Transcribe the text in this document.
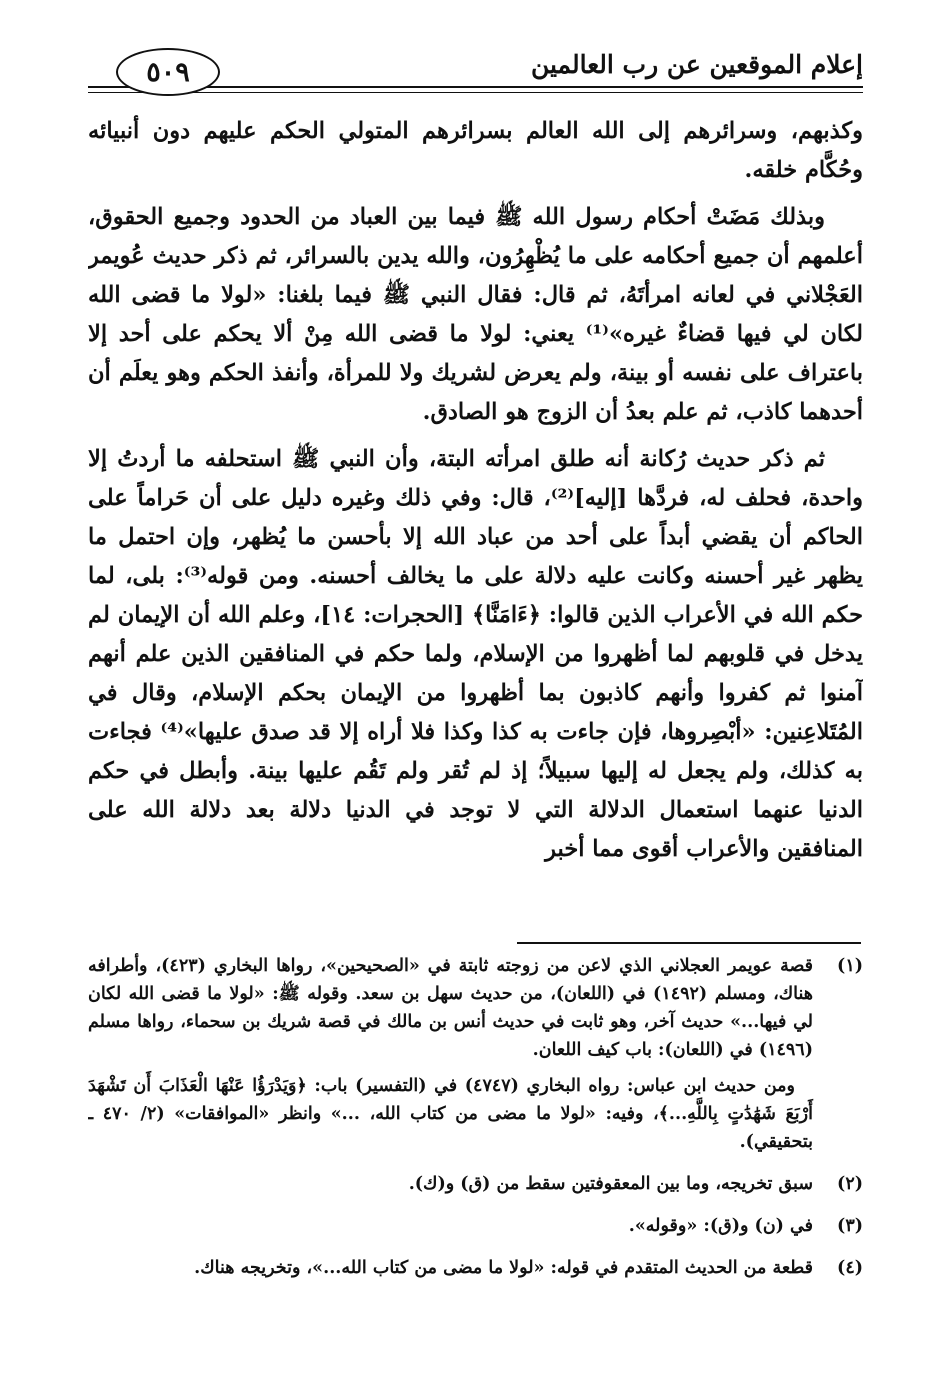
إعلام الموقعين عن رب العالمين
٥٠٩

وكذبهم، وسرائرهم إلى الله العالم بسرائرهم المتولي الحكم عليهم دون أنبيائه وحُكَّام خلقه.

وبذلك مَضَتْ أحكام رسول الله ﷺ فيما بين العباد من الحدود وجميع الحقوق، أعلمهم أن جميع أحكامه على ما يُظْهِرُون، والله يدين بالسرائر، ثم ذكر حديث عُويمر العَجْلاني في لعانه امرأتَهُ، ثم قال: فقال النبي ﷺ فيما بلغنا: «لولا ما قضى الله لكان لي فيها قضاءٌ غيره»⁽¹⁾ يعني: لولا ما قضى الله مِنْ ألا يحكم على أحد إلا باعتراف على نفسه أو بينة، ولم يعرض لشريك ولا للمرأة، وأنفذ الحكم وهو يعلَم أن أحدهما كاذب، ثم علم بعدُ أن الزوج هو الصادق.

ثم ذكر حديث رُكانة أنه طلق امرأته البتة، وأن النبي ﷺ استحلفه ما أردتُ إلا واحدة، فحلف له، فردَّها [إليه]⁽²⁾، قال: وفي ذلك وغيره دليل على أن حَراماً على الحاكم أن يقضي أبداً على أحد من عباد الله إلا بأحسن ما يُظهر، وإن احتمل ما يظهر غير أحسنه وكانت عليه دلالة على ما يخالف أحسنه. ومن قوله⁽³⁾: بلى، لما حكم الله في الأعراب الذين قالوا: ﴿ءَامَنَّا﴾ [الحجرات: ١٤]، وعلم الله أن الإيمان لم يدخل في قلوبهم لما أظهروا من الإسلام، ولما حكم في المنافقين الذين علم أنهم آمنوا ثم كفروا وأنهم كاذبون بما أظهروا من الإيمان بحكم الإسلام، وقال في المُتَلاعِنين: «أبْصِروها، فإن جاءت به كذا وكذا فلا أراه إلا قد صدق عليها»⁽⁴⁾ فجاءت به كذلك، ولم يجعل له إليها سبيلاً؛ إذ لم تُقر ولم تَقُم عليها بينة. وأبطل في حكم الدنيا عنهما استعمال الدلالة التي لا توجد في الدنيا دلالة بعد دلالة الله على المنافقين والأعراب أقوى مما أخبر

(١)

قصة عويمر العجلاني الذي لاعن من زوجته ثابتة في «الصحيحين»، رواها البخاري (٤٢٣)، وأطرافه هناك، ومسلم (١٤٩٢) في (اللعان)، من حديث سهل بن سعد. وقوله ﷺ: «لولا ما قضى الله لكان لي فيها...» حديث آخر، وهو ثابت في حديث أنس بن مالك في قصة شريك بن سحماء، رواها مسلم (١٤٩٦) في (اللعان): باب كيف اللعان.

ومن حديث ابن عباس: رواه البخاري (٤٧٤٧) في (التفسير) باب: ﴿وَيَدْرَؤُا عَنْهَا الْعَذَابَ أَن تَشْهَدَ أَرْبَعَ شَهَٰدَٰتٍ بِاللَّهِ...﴾، وفيه: «لولا ما مضى من كتاب الله، ...» وانظر «الموافقات» (٢/ ٤٧٠ ـ بتحقيقي).

(٢)

سبق تخريجه، وما بين المعقوفتين سقط من (ق) و(ك).

(٣)

في (ن) و(ق): «وقوله».

(٤)

قطعة من الحديث المتقدم في قوله: «لولا ما مضى من كتاب الله...»، وتخريجه هناك.
